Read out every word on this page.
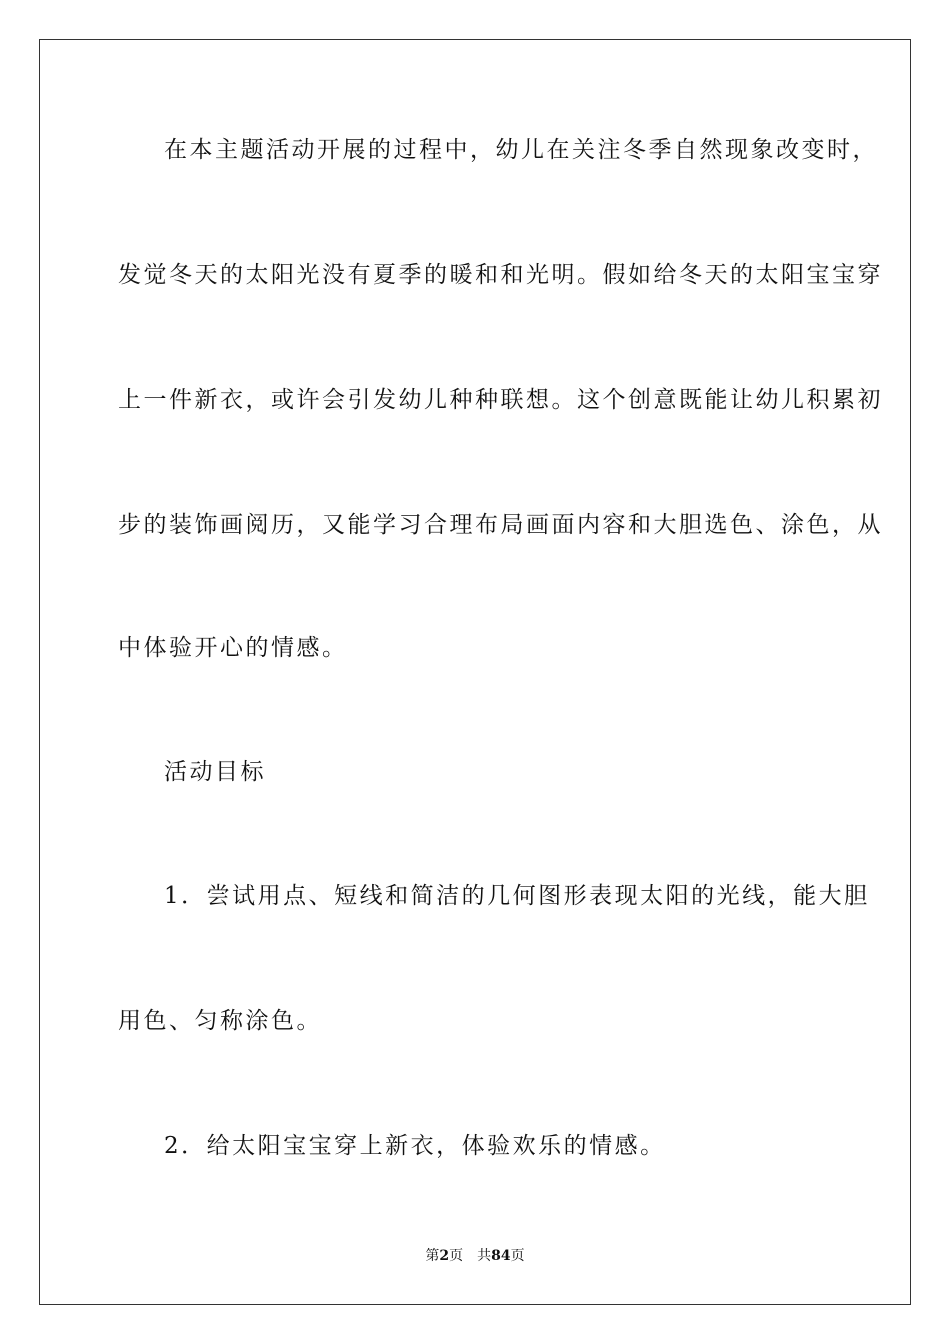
在本主题活动开展的过程中，幼儿在关注冬季自然现象改变时，
发觉冬天的太阳光没有夏季的暖和和光明。假如给冬天的太阳宝宝穿
上一件新衣，或许会引发幼儿种种联想。这个创意既能让幼儿积累初
步的装饰画阅历，又能学习合理布局画面内容和大胆选色、涂色，从
中体验开心的情感。
活动目标
1．尝试用点、短线和简洁的几何图形表现太阳的光线，能大胆
用色、匀称涂色。
2．给太阳宝宝穿上新衣，体验欢乐的情感。
第2页 共84页
